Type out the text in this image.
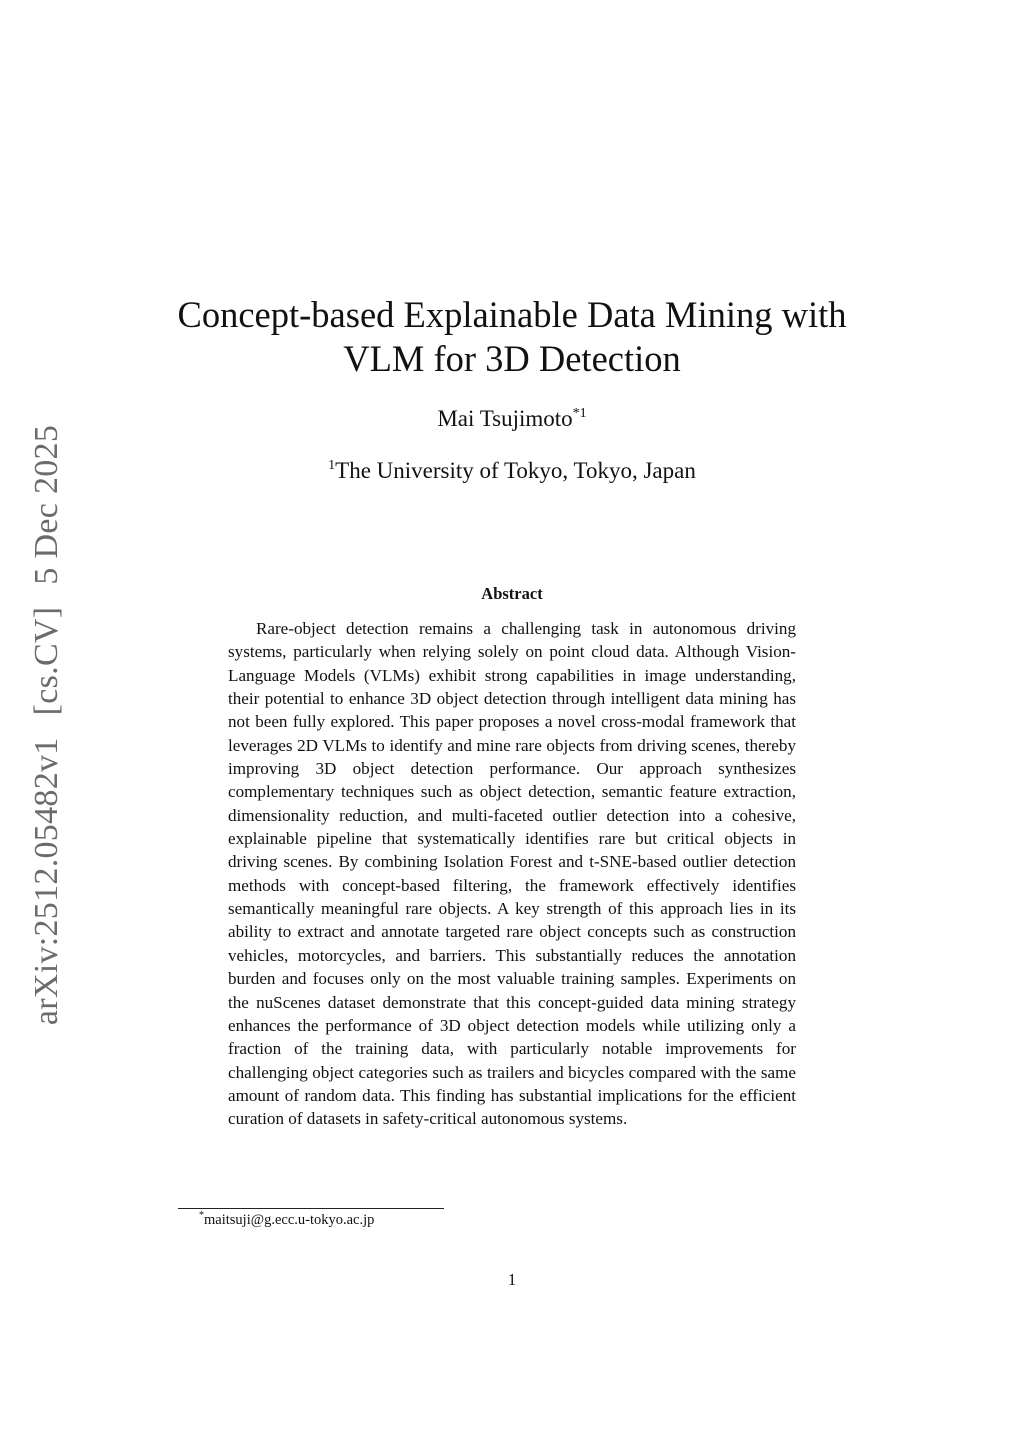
arXiv:2512.05482v1[cs.CV]5 Dec 2025
Concept-based Explainable Data Mining with VLM for 3D Detection
Mai Tsujimoto$^{*1}$
$^1$The University of Tokyo, Tokyo, Japan
Abstract

Rare-object detection remains a challenging task in autonomous driving systems, particularly when relying solely on point cloud data. Although Vision-Language Models (VLMs) exhibit strong capabilities in image understanding, their potential to enhance 3D object detection through intelligent data mining has not been fully explored. This paper proposes a novel cross-modal framework that leverages 2D VLMs to identify and mine rare objects from driving scenes, thereby improving 3D object detection performance. Our approach synthesizes complementary techniques such as object detection, semantic feature extraction, dimensionality reduction, and multi-faceted outlier detection into a cohesive, explainable pipeline that systematically identifies rare but critical objects in driving scenes. By combining Isolation Forest and t-SNE-based outlier detection methods with concept-based filtering, the framework effectively identifies semantically meaningful rare objects. A key strength of this approach lies in its ability to extract and annotate targeted rare object concepts such as construction vehicles, motorcycles, and barriers. This substantially reduces the annotation burden and focuses only on the most valuable training samples. Experiments on the nuScenes dataset demonstrate that this concept-guided data mining strategy enhances the performance of 3D object detection models while utilizing only a fraction of the training data, with particularly notable improvements for challenging object categories such as trailers and bicycles compared with the same amount of random data. This finding has substantial implications for the efficient curation of datasets in safety-critical autonomous systems.

*maitsuji@g.ecc.u-tokyo.ac.jp
1
